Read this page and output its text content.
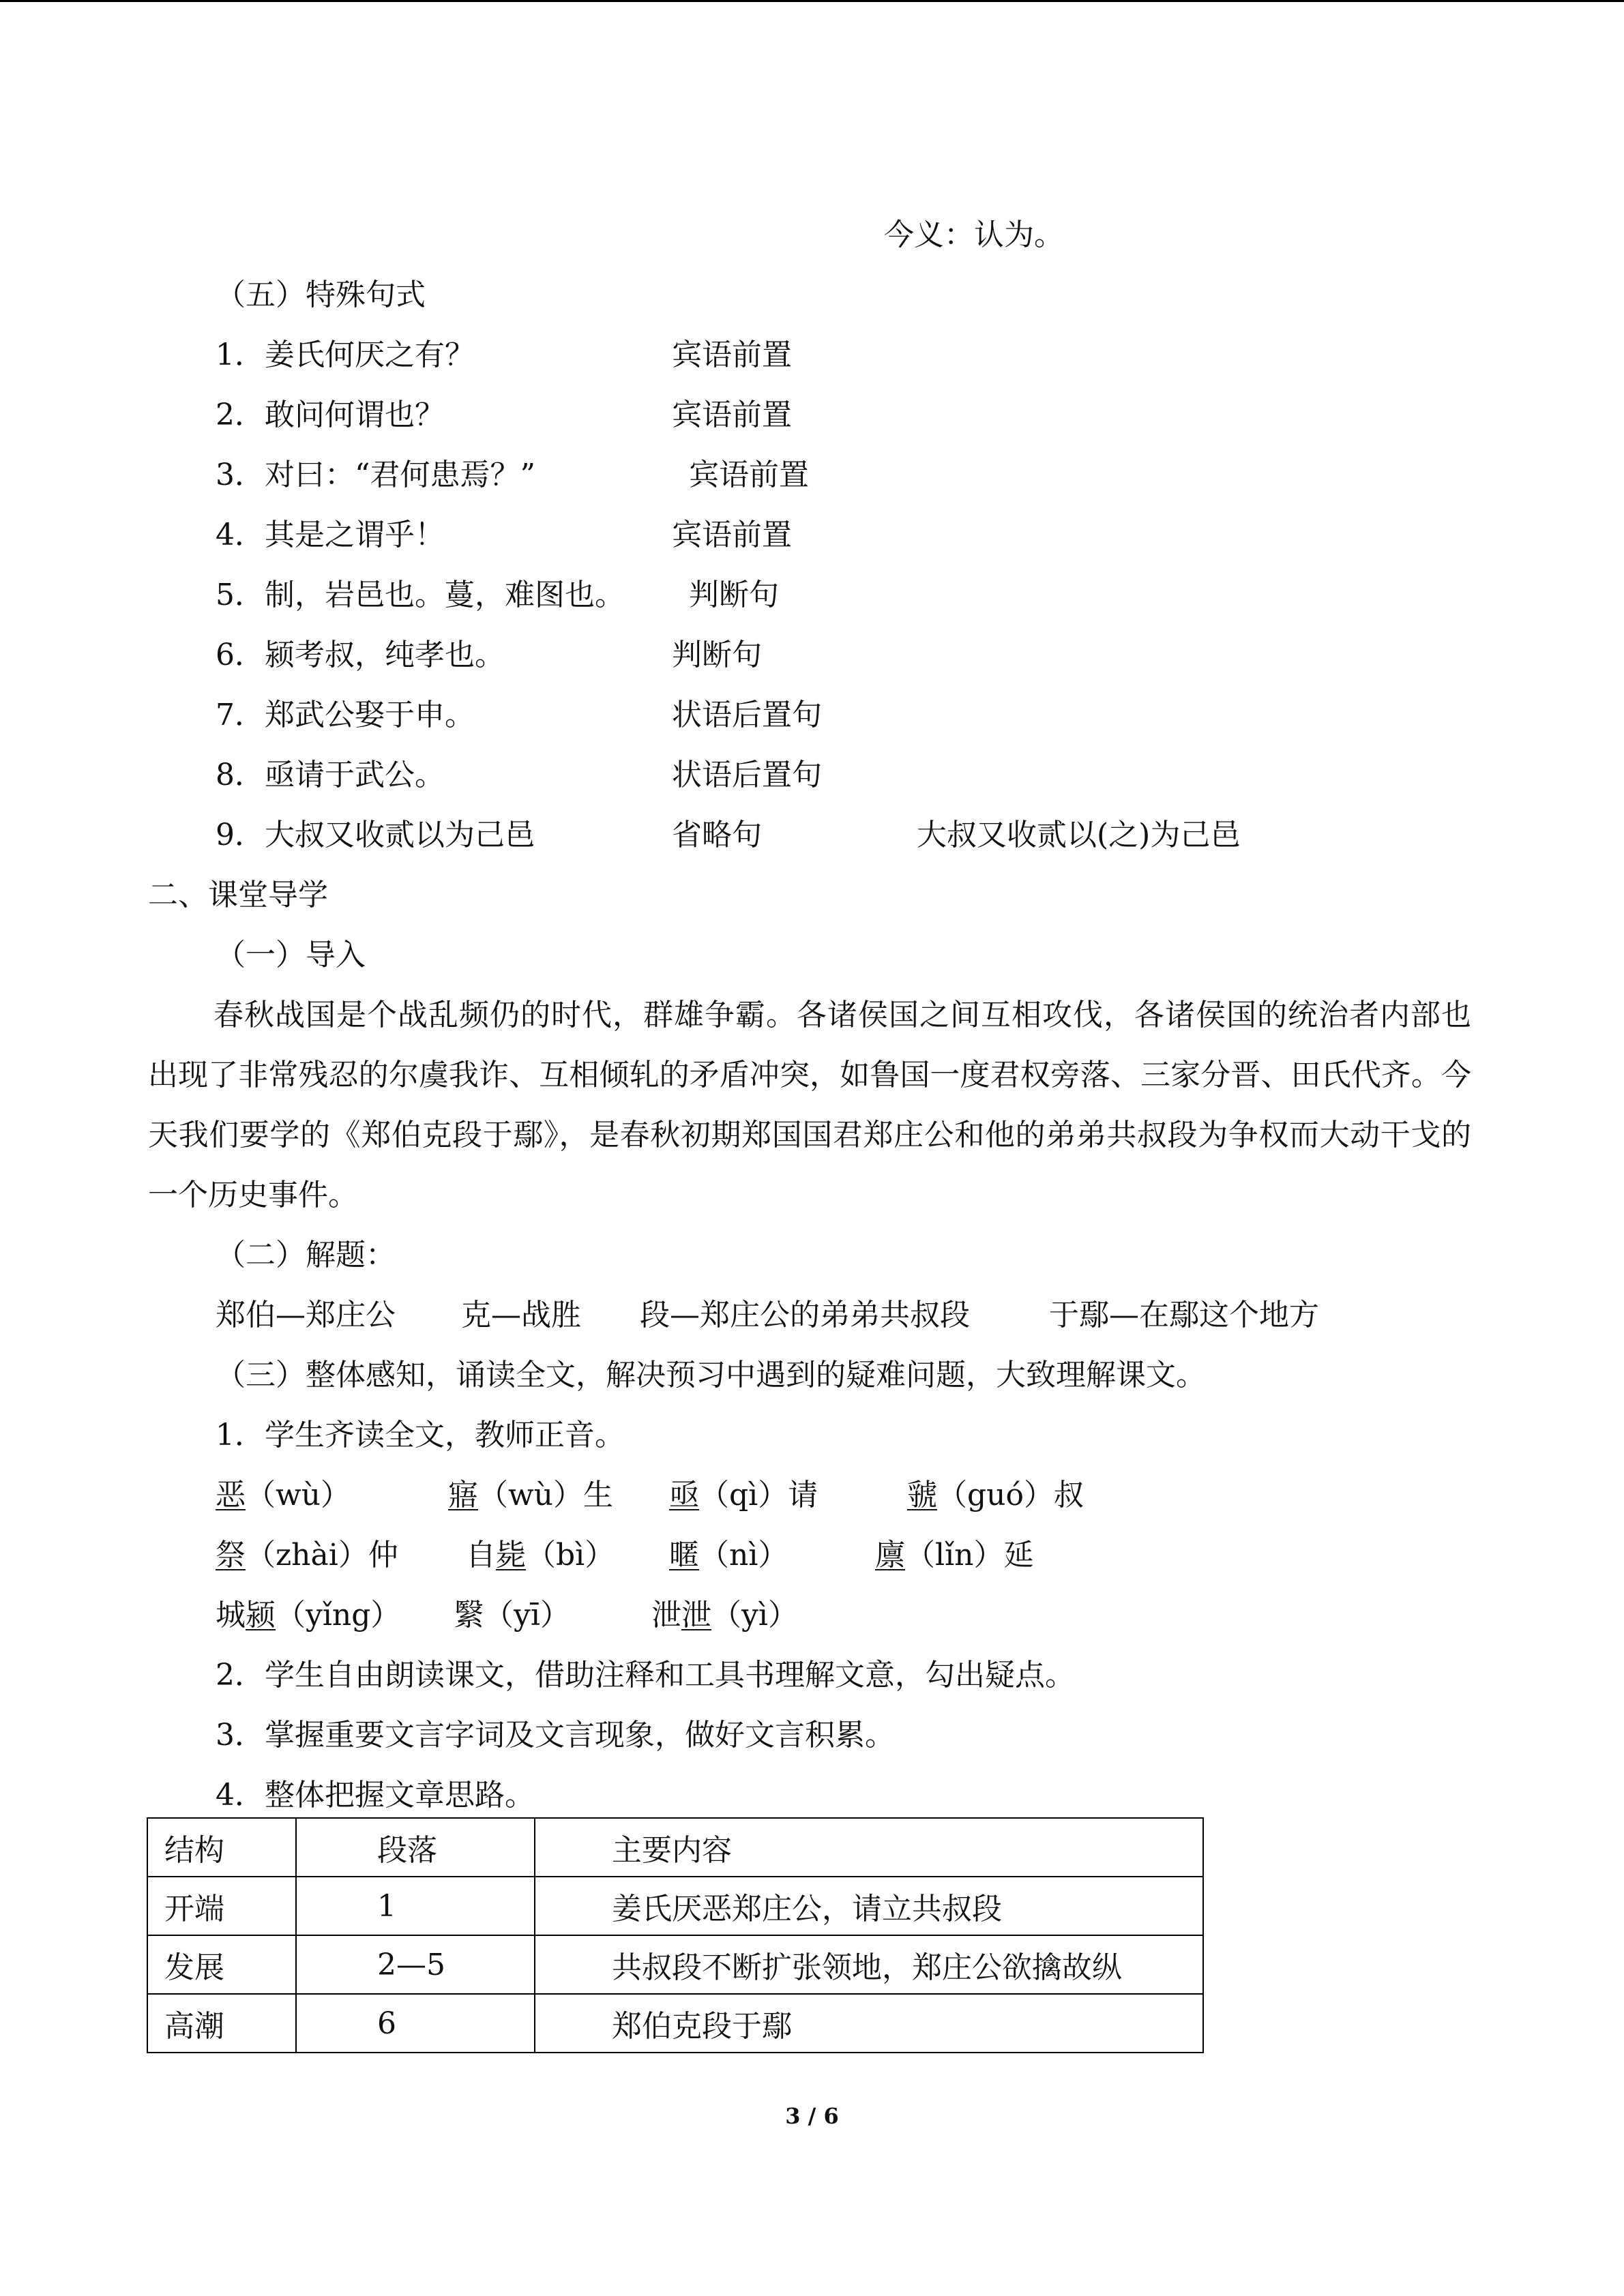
今义：认为。
（五）特殊句式
1．姜氏何厌之有？	宾语前置
2．敢问何谓也？	宾语前置
3．对曰：“君何患焉？”	宾语前置
4．其是之谓乎！	宾语前置
5．制，岩邑也。蔓，难图也。 判断句
6．颍考叔，纯孝也。	判断句
7．郑武公娶于申。	状语后置句
8．亟请于武公。	状语后置句
9．大叔又收贰以为己邑	省略句	大叔又收贰以(之)为己邑
二、课堂导学
（一）导入
春秋战国是个战乱频仍的时代，群雄争霸。各诸侯国之间互相攻伐，各诸侯国的统治者内部也出现了非常残忍的尔虞我诈、互相倾轧的矛盾冲突，如鲁国一度君权旁落、三家分晋、田氏代齐。今天我们要学的《郑伯克段于鄢》，是春秋初期郑国国君郑庄公和他的弟弟共叔段为争权而大动干戈的一个历史事件。
（二）解题：
郑伯—郑庄公 克—战胜 段—郑庄公的弟弟共叔段	于鄢—在鄢这个地方
（三）整体感知，诵读全文，解决预习中遇到的疑难问题，大致理解课文。
1．学生齐读全文，教师正音。
恶（wù）	寤（wù）生 亟（qì）请	虢（guó）叔
祭（zhài）仲 自毙（bì） 暱（nì）	廪（lǐn）延
城颍（yǐng） 繄（yī）	泄泄（yì）
2．学生自由朗读课文，借助注释和工具书理解文意，勾出疑点。
3．掌握重要文言字词及文言现象，做好文言积累。
4．整体把握文章思路。
结构	段落	主要内容
开端	1	姜氏厌恶郑庄公，请立共叔段
发展	2—5	共叔段不断扩张领地，郑庄公欲擒故纵
高潮	6	郑伯克段于鄢
3 / 6
